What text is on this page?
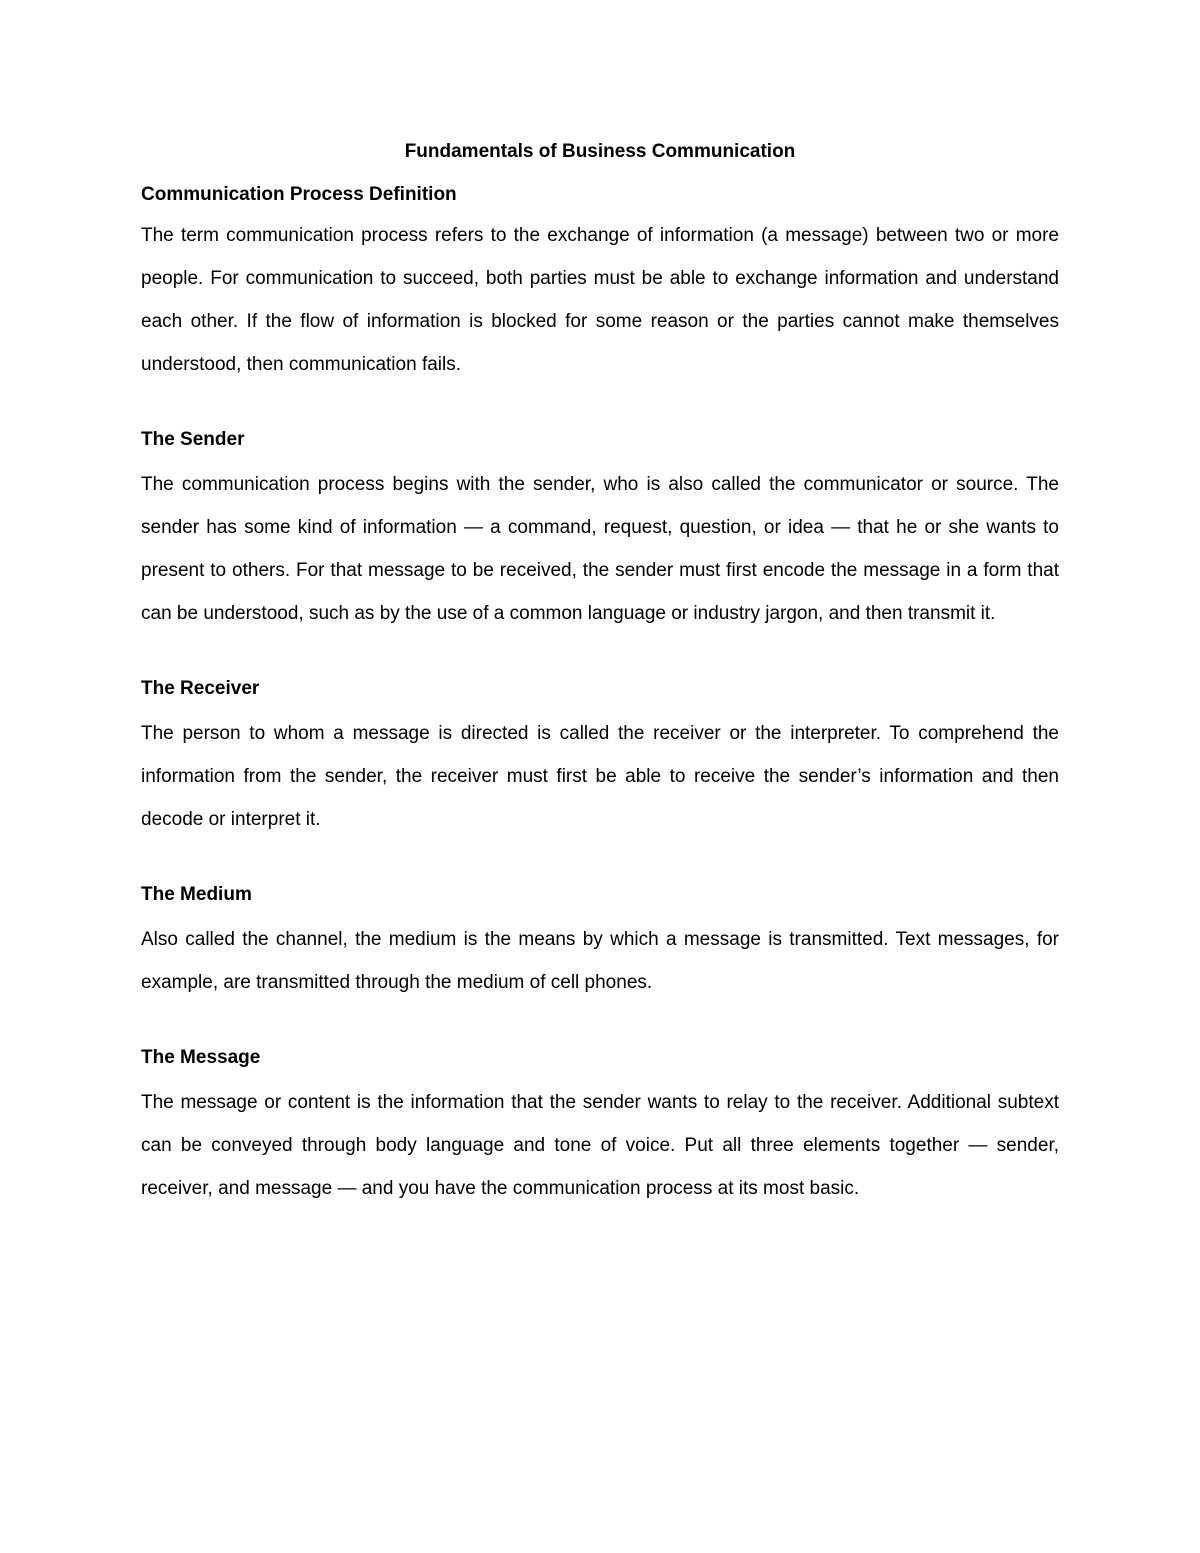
Fundamentals of Business Communication
Communication Process Definition

The term communication process refers to the exchange of information (a message) between two or more people. For communication to succeed, both parties must be able to exchange information and understand each other. If the flow of information is blocked for some reason or the parties cannot make themselves understood, then communication fails.

The Sender

The communication process begins with the sender, who is also called the communicator or source. The sender has some kind of information — a command, request, question, or idea — that he or she wants to present to others. For that message to be received, the sender must first encode the message in a form that can be understood, such as by the use of a common language or industry jargon, and then transmit it.

The Receiver

The person to whom a message is directed is called the receiver or the interpreter. To comprehend the information from the sender, the receiver must first be able to receive the sender’s information and then decode or interpret it.

The Medium

Also called the channel, the medium is the means by which a message is transmitted. Text messages, for example, are transmitted through the medium of cell phones.

The Message

The message or content is the information that the sender wants to relay to the receiver. Additional subtext can be conveyed through body language and tone of voice. Put all three elements together — sender, receiver, and message — and you have the communication process at its most basic.
